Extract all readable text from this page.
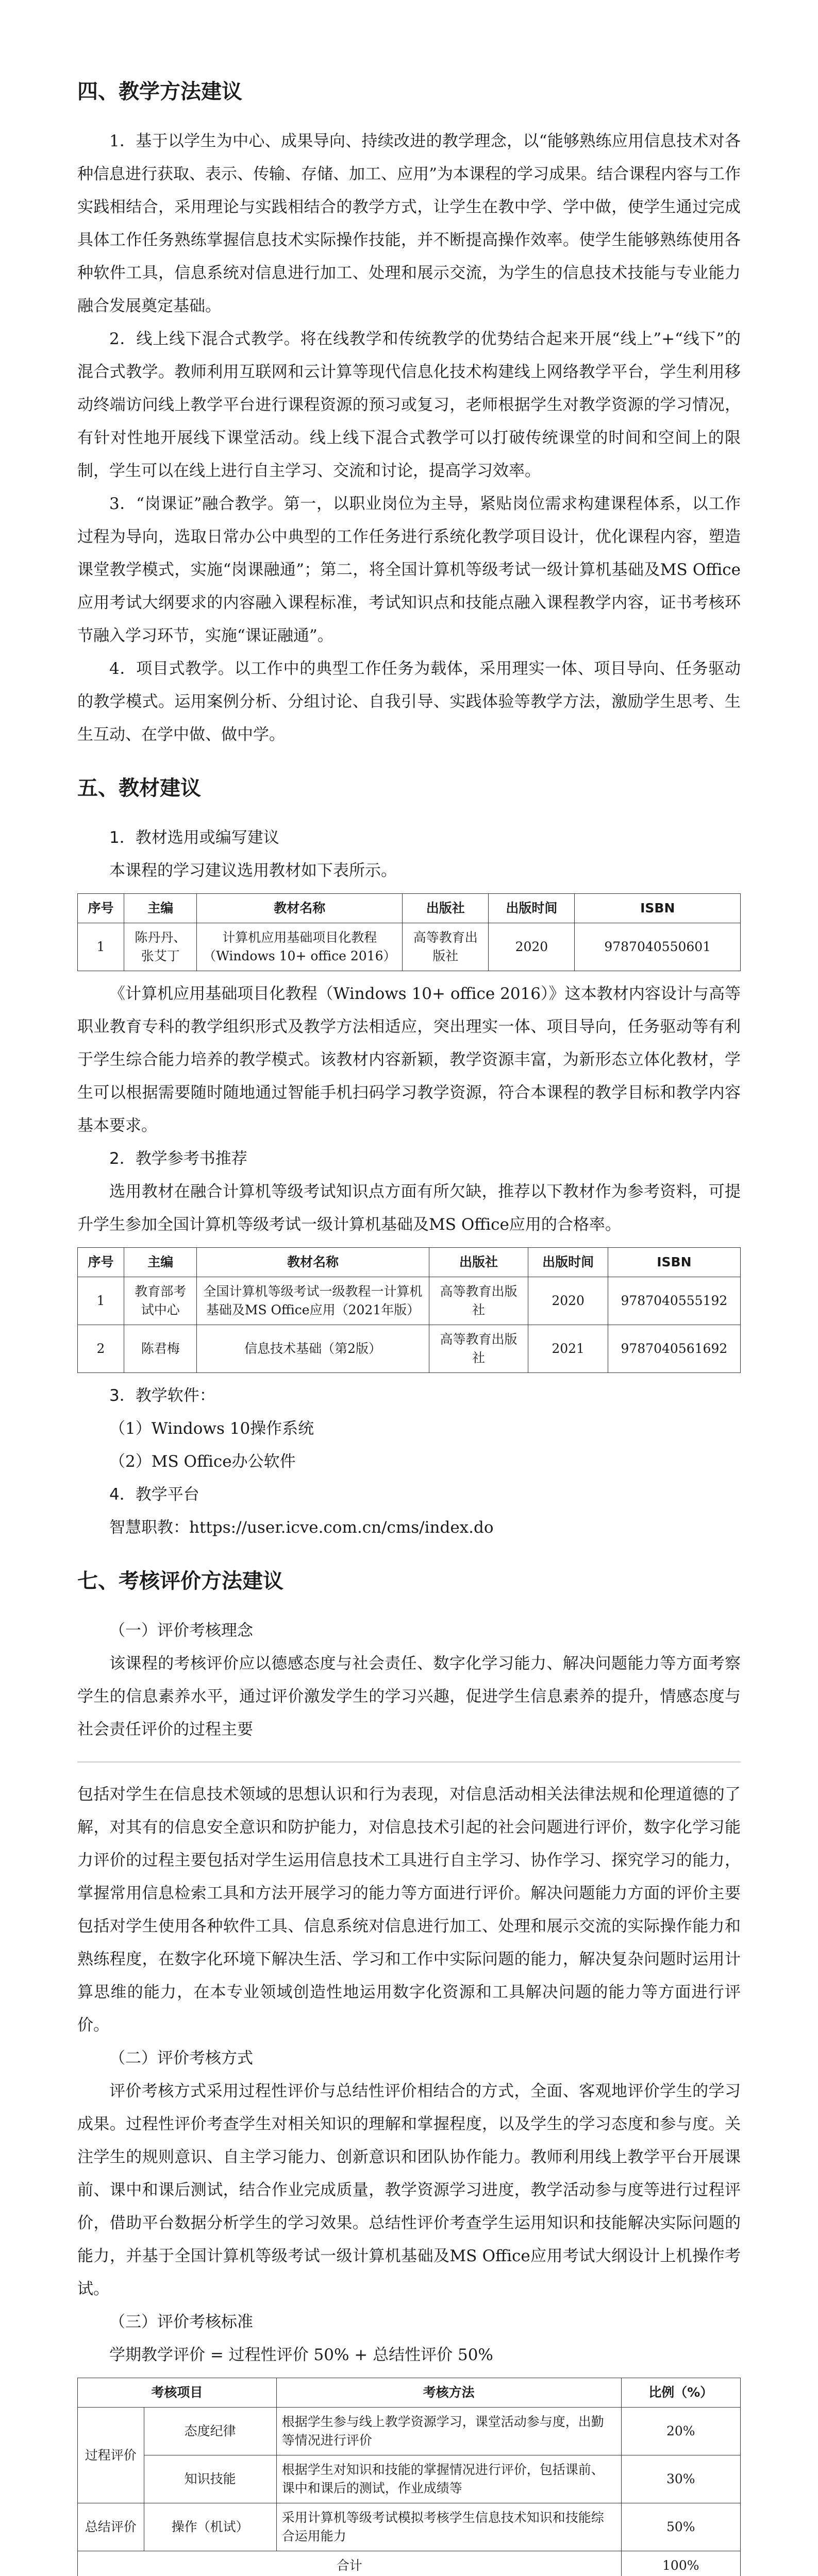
四、教学方法建议

1．基于以学生为中心、成果导向、持续改进的教学理念，以“能够熟练应用信息技术对各种信息进行获取、表示、传输、存储、加工、应用”为本课程的学习成果。结合课程内容与工作实践相结合，采用理论与实践相结合的教学方式，让学生在教中学、学中做，使学生通过完成具体工作任务熟练掌握信息技术实际操作技能，并不断提高操作效率。使学生能够熟练使用各种软件工具，信息系统对信息进行加工、处理和展示交流，为学生的信息技术技能与专业能力融合发展奠定基础。

2．线上线下混合式教学。将在线教学和传统教学的优势结合起来开展“线上”+“线下”的混合式教学。教师利用互联网和云计算等现代信息化技术构建线上网络教学平台，学生利用移动终端访问线上教学平台进行课程资源的预习或复习，老师根据学生对教学资源的学习情况，有针对性地开展线下课堂活动。线上线下混合式教学可以打破传统课堂的时间和空间上的限制，学生可以在线上进行自主学习、交流和讨论，提高学习效率。

3．“岗课证”融合教学。第一，以职业岗位为主导，紧贴岗位需求构建课程体系，以工作过程为导向，选取日常办公中典型的工作任务进行系统化教学项目设计，优化课程内容，塑造课堂教学模式，实施“岗课融通”；第二，将全国计算机等级考试一级计算机基础及MS Office应用考试大纲要求的内容融入课程标准，考试知识点和技能点融入课程教学内容，证书考核环节融入学习环节，实施“课证融通”。

4．项目式教学。以工作中的典型工作任务为载体，采用理实一体、项目导向、任务驱动的教学模式。运用案例分析、分组讨论、自我引导、实践体验等教学方法，激励学生思考、生生互动、在学中做、做中学。

五、教材建议

1．教材选用或编写建议

本课程的学习建议选用教材如下表所示。

序号	主编	教材名称	出版社	出版时间	ISBN
1	陈丹丹、张艾丁	计算机应用基础项目化教程（Windows 10+ office 2016）	高等教育出版社	2020	9787040550601

《计算机应用基础项目化教程（Windows 10+ office 2016）》这本教材内容设计与高等职业教育专科的教学组织形式及教学方法相适应，突出理实一体、项目导向，任务驱动等有利于学生综合能力培养的教学模式。该教材内容新颖，教学资源丰富，为新形态立体化教材，学生可以根据需要随时随地通过智能手机扫码学习教学资源，符合本课程的教学目标和教学内容基本要求。

2．教学参考书推荐

选用教材在融合计算机等级考试知识点方面有所欠缺，推荐以下教材作为参考资料，可提升学生参加全国计算机等级考试一级计算机基础及MS Office应用的合格率。

序号	主编	教材名称	出版社	出版时间	ISBN
1	教育部考试中心	全国计算机等级考试一级教程一计算机基础及MS Office应用（2021年版）	高等教育出版社	2020	9787040555192
2	陈君梅	信息技术基础（第2版）	高等教育出版社	2021	9787040561692

3．教学软件：

（1）Windows 10操作系统

（2）MS Office办公软件

4．教学平台

智慧职教：https://user.icve.com.cn/cms/index.do

七、考核评价方法建议

（一）评价考核理念

该课程的考核评价应以德感态度与社会责任、数字化学习能力、解决问题能力等方面考察学生的信息素养水平，通过评价激发学生的学习兴趣，促进学生信息素养的提升，情感态度与社会责任评价的过程主要

包括对学生在信息技术领域的思想认识和行为表现，对信息活动相关法律法规和伦理道德的了解，对其有的信息安全意识和防护能力，对信息技术引起的社会问题进行评价，数字化学习能力评价的过程主要包括对学生运用信息技术工具进行自主学习、协作学习、探究学习的能力，掌握常用信息检索工具和方法开展学习的能力等方面进行评价。解决问题能力方面的评价主要包括对学生使用各种软件工具、信息系统对信息进行加工、处理和展示交流的实际操作能力和熟练程度，在数字化环境下解决生活、学习和工作中实际问题的能力，解决复杂问题时运用计算思维的能力，在本专业领域创造性地运用数字化资源和工具解决问题的能力等方面进行评价。

（二）评价考核方式

评价考核方式采用过程性评价与总结性评价相结合的方式，全面、客观地评价学生的学习成果。过程性评价考查学生对相关知识的理解和掌握程度，以及学生的学习态度和参与度。关注学生的规则意识、自主学习能力、创新意识和团队协作能力。教师利用线上教学平台开展课前、课中和课后测试，结合作业完成质量，教学资源学习进度，教学活动参与度等进行过程评价，借助平台数据分析学生的学习效果。总结性评价考查学生运用知识和技能解决实际问题的能力，并基于全国计算机等级考试一级计算机基础及MS Office应用考试大纲设计上机操作考试。

（三）评价考核标准

学期教学评价 = 过程性评价 50% + 总结性评价 50%

考核项目		考核方法	比例（%）
过程评价	态度纪律	根据学生参与线上教学资源学习，课堂活动参与度，出勤等情况进行评价	20%
	知识技能	根据学生对知识和技能的掌握情况进行评价，包括课前、课中和课后的测试，作业成绩等	30%
总结评价	操作（机试）	采用计算机等级考试模拟考核学生信息技术知识和技能综合运用能力	50%
合计			100%
